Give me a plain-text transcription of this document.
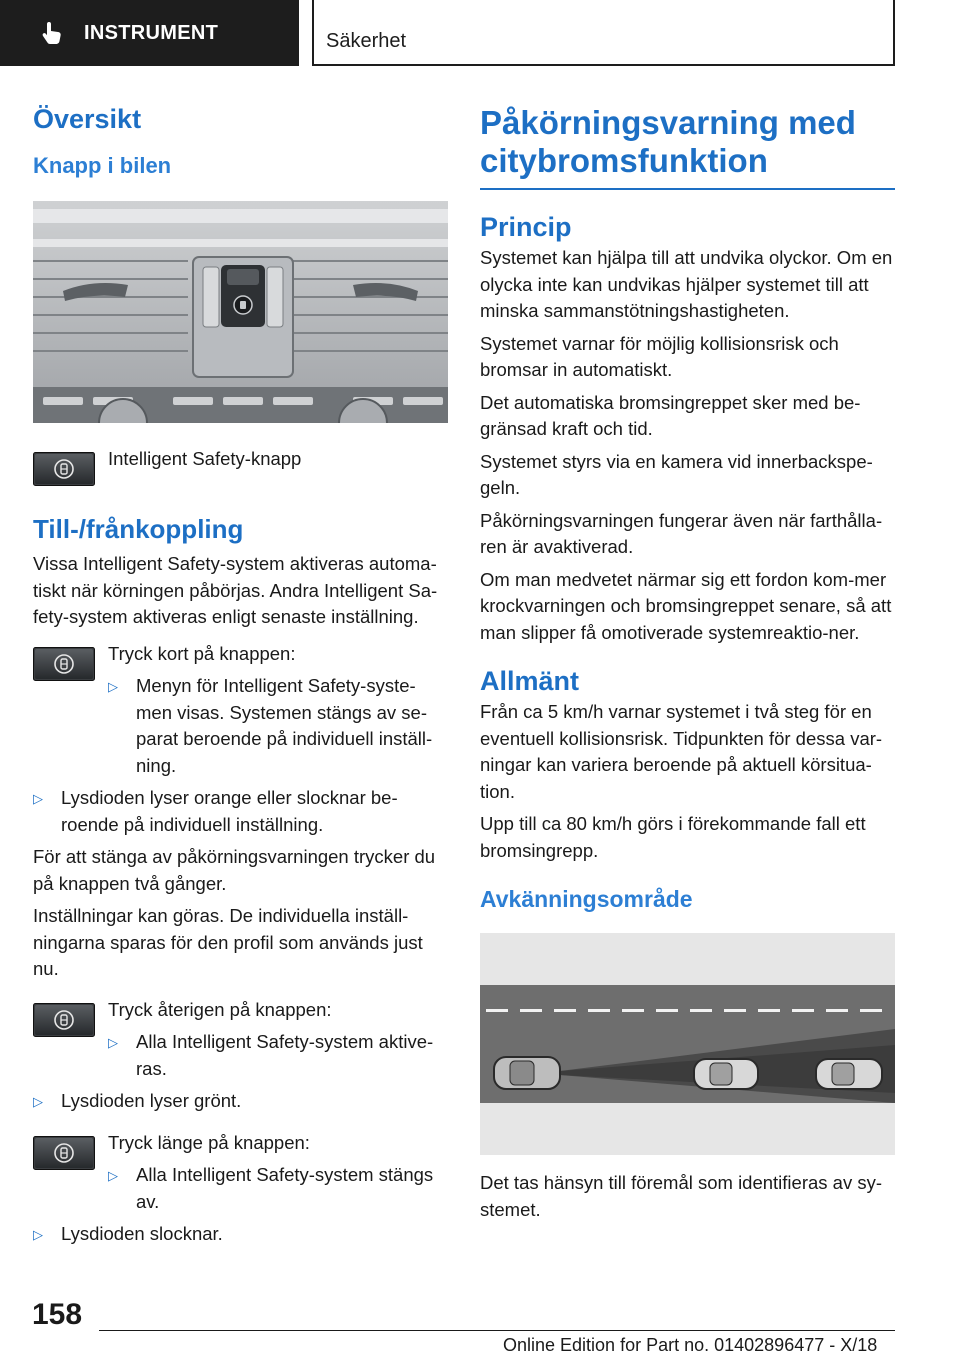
INSTRUMENT	Säkerhet
Översikt
Knapp i bilen
Intelligent Safety-knapp
Till-/frånkoppling

Vissa Intelligent Safety-system aktiveras automa-tiskt när körningen påbörjas. Andra Intelligent Sa-fety-system aktiveras enligt senaste inställning.

Tryck kort på knappen:
▷ Menyn för Intelligent Safety-syste-men visas. Systemen stängs av se-parat beroende på individuell inställ-ning.
▷ Lysdioden lyser orange eller slocknar be-roende på individuell inställning.

För att stänga av påkörningsvarningen trycker du på knappen två gånger.

Inställningar kan göras. De individuella inställ-ningarna sparas för den profil som används just nu.

Tryck återigen på knappen:
▷ Alla Intelligent Safety-system aktive-ras.
▷ Lysdioden lyser grönt.
Tryck länge på knappen:
▷ Alla Intelligent Safety-system stängs av.
▷ Lysdioden slocknar.
Påkörningsvarning med citybromsfunktion
Princip

Systemet kan hjälpa till att undvika olyckor. Om en olycka inte kan undvikas hjälper systemet till att minska sammanstötningshastigheten.

Systemet varnar för möjlig kollisionsrisk och bromsar in automatiskt.

Det automatiska bromsingreppet sker med be-gränsad kraft och tid.

Systemet styrs via en kamera vid innerbackspe-geln.

Påkörningsvarningen fungerar även när farthålla-ren är avaktiverad.

Om man medvetet närmar sig ett fordon kom-mer krockvarningen och bromsingreppet senare, så att man slipper få omotiverade systemreaktio-ner.

Allmänt

Från ca 5 km/h varnar systemet i två steg för en eventuell kollisionsrisk. Tidpunkten för dessa var-ningar kan variera beroende på aktuell körsitua-tion.

Upp till ca 80 km/h görs i förekommande fall ett bromsingrepp.

Avkänningsområde

Det tas hänsyn till föremål som identifieras av sy-stemet.

158
Online Edition for Part no. 01402896477 - X/18
